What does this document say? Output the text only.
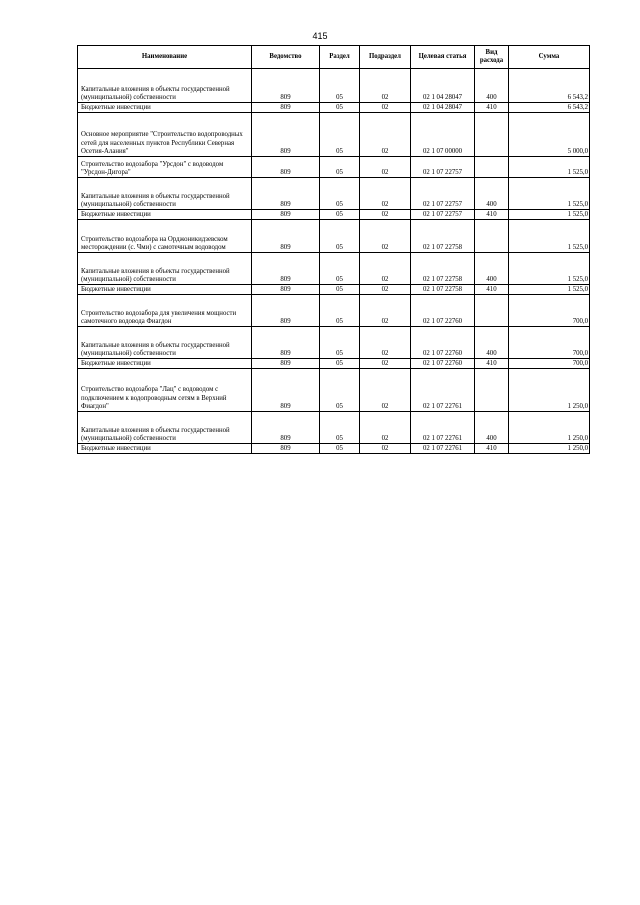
415
Наименование	Ведомство	Раздел	Подраздел	Целевая статья	Вид расхода	Сумма
Капитальные вложения в объекты государственной (муниципальной) собственности	809	05	02	02 1 04 28047	400	6 543,2
Бюджетные инвестиции	809	05	02	02 1 04 28047	410	6 543,2
Основное мероприятие "Строительство водопроводных сетей для населенных пунктов Республики Северная Осетия-Алания"	809	05	02	02 1 07 00000		5 000,0
Строительство водозабора "Урсдон" с водоводом "Урсдон-Дигора"	809	05	02	02 1 07 22757		1 525,0
Капитальные вложения в объекты государственной (муниципальной) собственности	809	05	02	02 1 07 22757	400	1 525,0
Бюджетные инвестиции	809	05	02	02 1 07 22757	410	1 525,0
Строительство водозабора на Орджоникидзевском месторождении (с. Чми) с самотечным водоводом	809	05	02	02 1 07 22758		1 525,0
Капитальные вложения в объекты государственной (муниципальной) собственности	809	05	02	02 1 07 22758	400	1 525,0
Бюджетные инвестиции	809	05	02	02 1 07 22758	410	1 525,0
Строительство водозабора для увеличения мощности самотечного водовода Фиагдон	809	05	02	02 1 07 22760		700,0
Капитальные вложения в объекты государственной (муниципальной) собственности	809	05	02	02 1 07 22760	400	700,0
Бюджетные инвестиции	809	05	02	02 1 07 22760	410	700,0
Строительство водозабора "Лац" с водоводом с подключением к водопроводным сетям в Верхний Фиагдон"	809	05	02	02 1 07 22761		1 250,0
Капитальные вложения в объекты государственной (муниципальной) собственности	809	05	02	02 1 07 22761	400	1 250,0
Бюджетные инвестиции	809	05	02	02 1 07 22761	410	1 250,0
